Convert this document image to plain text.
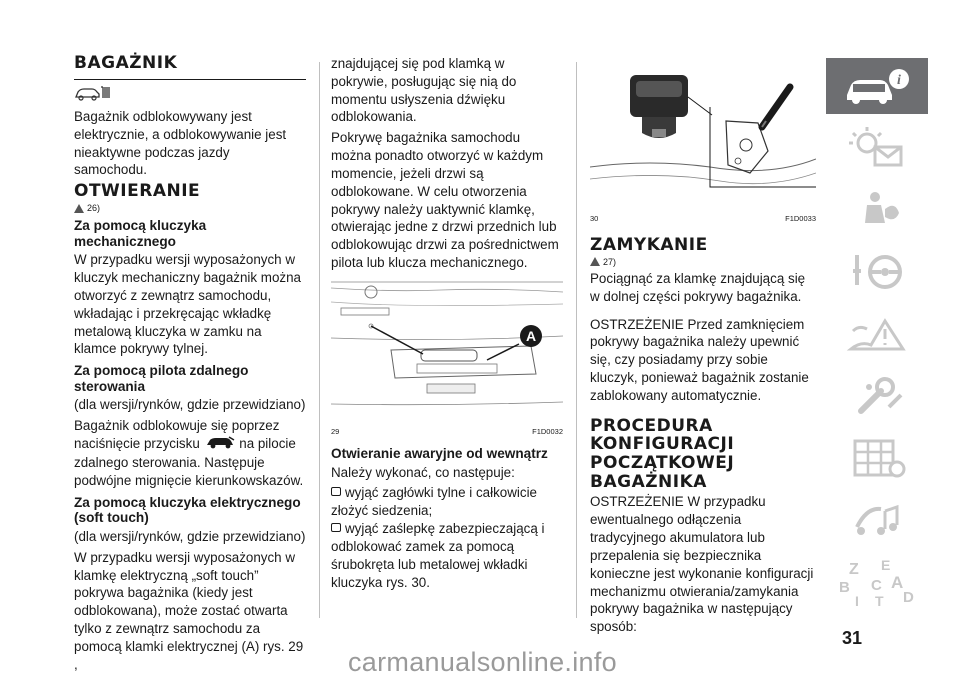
BAGAŻNIK

Bagażnik odblokowywany jest elektrycznie, a odblokowywanie jest nieaktywne podczas jazdy samochodu.

OTWIERANIE
26)
Za pomocą kluczyka mechanicznego

W przypadku wersji wyposażonych w kluczyk mechaniczny bagażnik można otworzyć z zewnątrz samochodu, wkładając i przekręcając wkładkę metalową kluczyka w zamku na klamce pokrywy tylnej.

Za pomocą pilota zdalnego sterowania

(dla wersji/rynków, gdzie przewidziano)

Bagażnik odblokowuje się poprzez naciśnięcie przycisku	na pilocie zdalnego sterowania. Następuje podwójne mignięcie kierunkowskazów.

Za pomocą kluczyka elektrycznego (soft touch)

(dla wersji/rynków, gdzie przewidziano)

W przypadku wersji wyposażonych w klamkę elektryczną „soft touch” pokrywa bagażnika (kiedy jest odblokowana), może zostać otwarta tylko z zewnątrz samochodu za pomocą klamki elektrycznej (A) rys. 29 ,

znajdującej się pod klamką w pokrywie, posługując się nią do momentu usłyszenia dźwięku odblokowania.

Pokrywę bagażnika samochodu można ponadto otworzyć w każdym momencie, jeżeli drzwi są odblokowane. W celu otworzenia pokrywy należy uaktywnić klamkę, otwierając jedne z drzwi przednich lub odblokowując drzwi za pośrednictwem pilota lub klucza mechanicznego.

A
29	F1D0032
Otwieranie awaryjne od wewnątrz

Należy wykonać, co następuje:

wyjąć zagłówki tylne i całkowicie złożyć siedzenia;

wyjąć zaślepkę zabezpieczającą i odblokować zamek za pomocą śrubokręta lub metalowej wkładki kluczyka rys. 30.

30	F1D0033
ZAMYKANIE
27)

Pociągnąć za klamkę znajdującą się w dolnej części pokrywy bagażnika.

OSTRZEŻENIE Przed zamknięciem pokrywy bagażnika należy upewnić się, czy posiadamy przy sobie kluczyk, ponieważ bagażnik zostanie zablokowany automatycznie.

PROCEDURA KONFIGURACJI POCZĄTKOWEJ BAGAŻNIKA

OSTRZEŻENIE W przypadku ewentualnego odłączenia tradycyjnego akumulatora lub przepalenia się bezpiecznika konieczne jest wykonanie konfiguracji mechanizmu otwierania/zamykania pokrywy bagażnika w następujący sposób:

i
Z E
B A
I
C
T D
31
carmanualsonline.info
